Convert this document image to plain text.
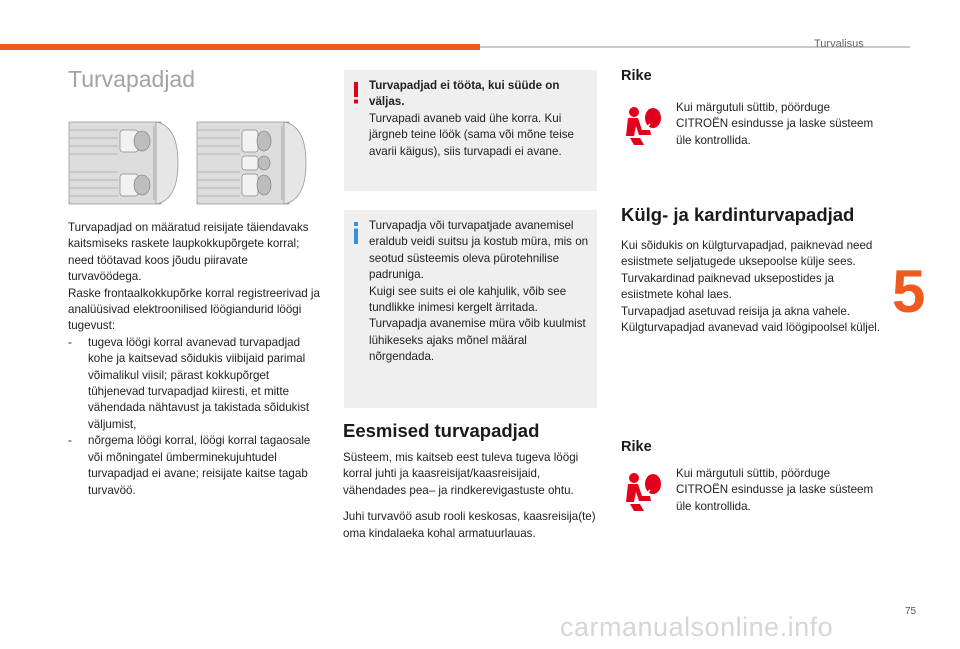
Turvalisus
5
75
carmanualsonline.info
Turvapadjad

Turvapadjad on määratud reisijate täiendavaks kaitsmiseks raskete laupkokkupõrgete korral; need töötavad koos jõudu piiravate turvavöödega.

Raske frontaalkokkupõrke korral registreerivad ja analüüsivad elektroonilised löögiandurid löögi tugevust:

- tugeva löögi korral avanevad turvapadjad kohe ja kaitsevad sõidukis viibijaid parimal võimalikul viisil; pärast kokkupõrget tühjenevad turvapadjad kiiresti, et mitte vähendada nähtavust ja takistada sõidukist väljumist,
- nõrgema löögi korral, löögi korral tagaosale või mõningatel ümberminekujuhtudel turvapadjad ei avane; reisijate kaitse tagab turvavöö.

Turvapadjad ei tööta, kui süüde on väljas.

Turvapadi avaneb vaid ühe korra. Kui järgneb teine löök (sama või mõne teise avarii käigus), siis turvapadi ei avane.

Turvapadja või turvapatjade avanemisel eraldub veidi suitsu ja kostub müra, mis on seotud süsteemis oleva pürotehnilise padruniga.

Kuigi see suits ei ole kahjulik, võib see tundlikke inimesi kergelt ärritada.

Turvapadja avanemise müra võib kuulmist lühikeseks ajaks mõnel määral nõrgendada.

Eesmised turvapadjad

Süsteem, mis kaitseb eest tuleva tugeva löögi korral juhti ja kaasreisijat/kaasreisijaid, vähendades pea– ja rindkerevigastuste ohtu.

Juhi turvavöö asub rooli keskosas, kaasreisija(te) oma kindalaeka kohal armatuurlauas.

Rike

Kui märgutuli süttib, pöörduge CITROËN esindusse ja laske süsteem üle kontrollida.

Külg- ja kardinturvapadjad

Kui sõidukis on külgturvapadjad, paiknevad need esiistmete seljatugede uksepoolse külje sees.

Turvakardinad paiknevad uksepostides ja esiistmete kohal laes.

Turvapadjad asetuvad reisija ja akna vahele.

Külgturvapadjad avanevad vaid löögipoolsel küljel.

Rike

Kui märgutuli süttib, pöörduge CITROËN esindusse ja laske süsteem üle kontrollida.
